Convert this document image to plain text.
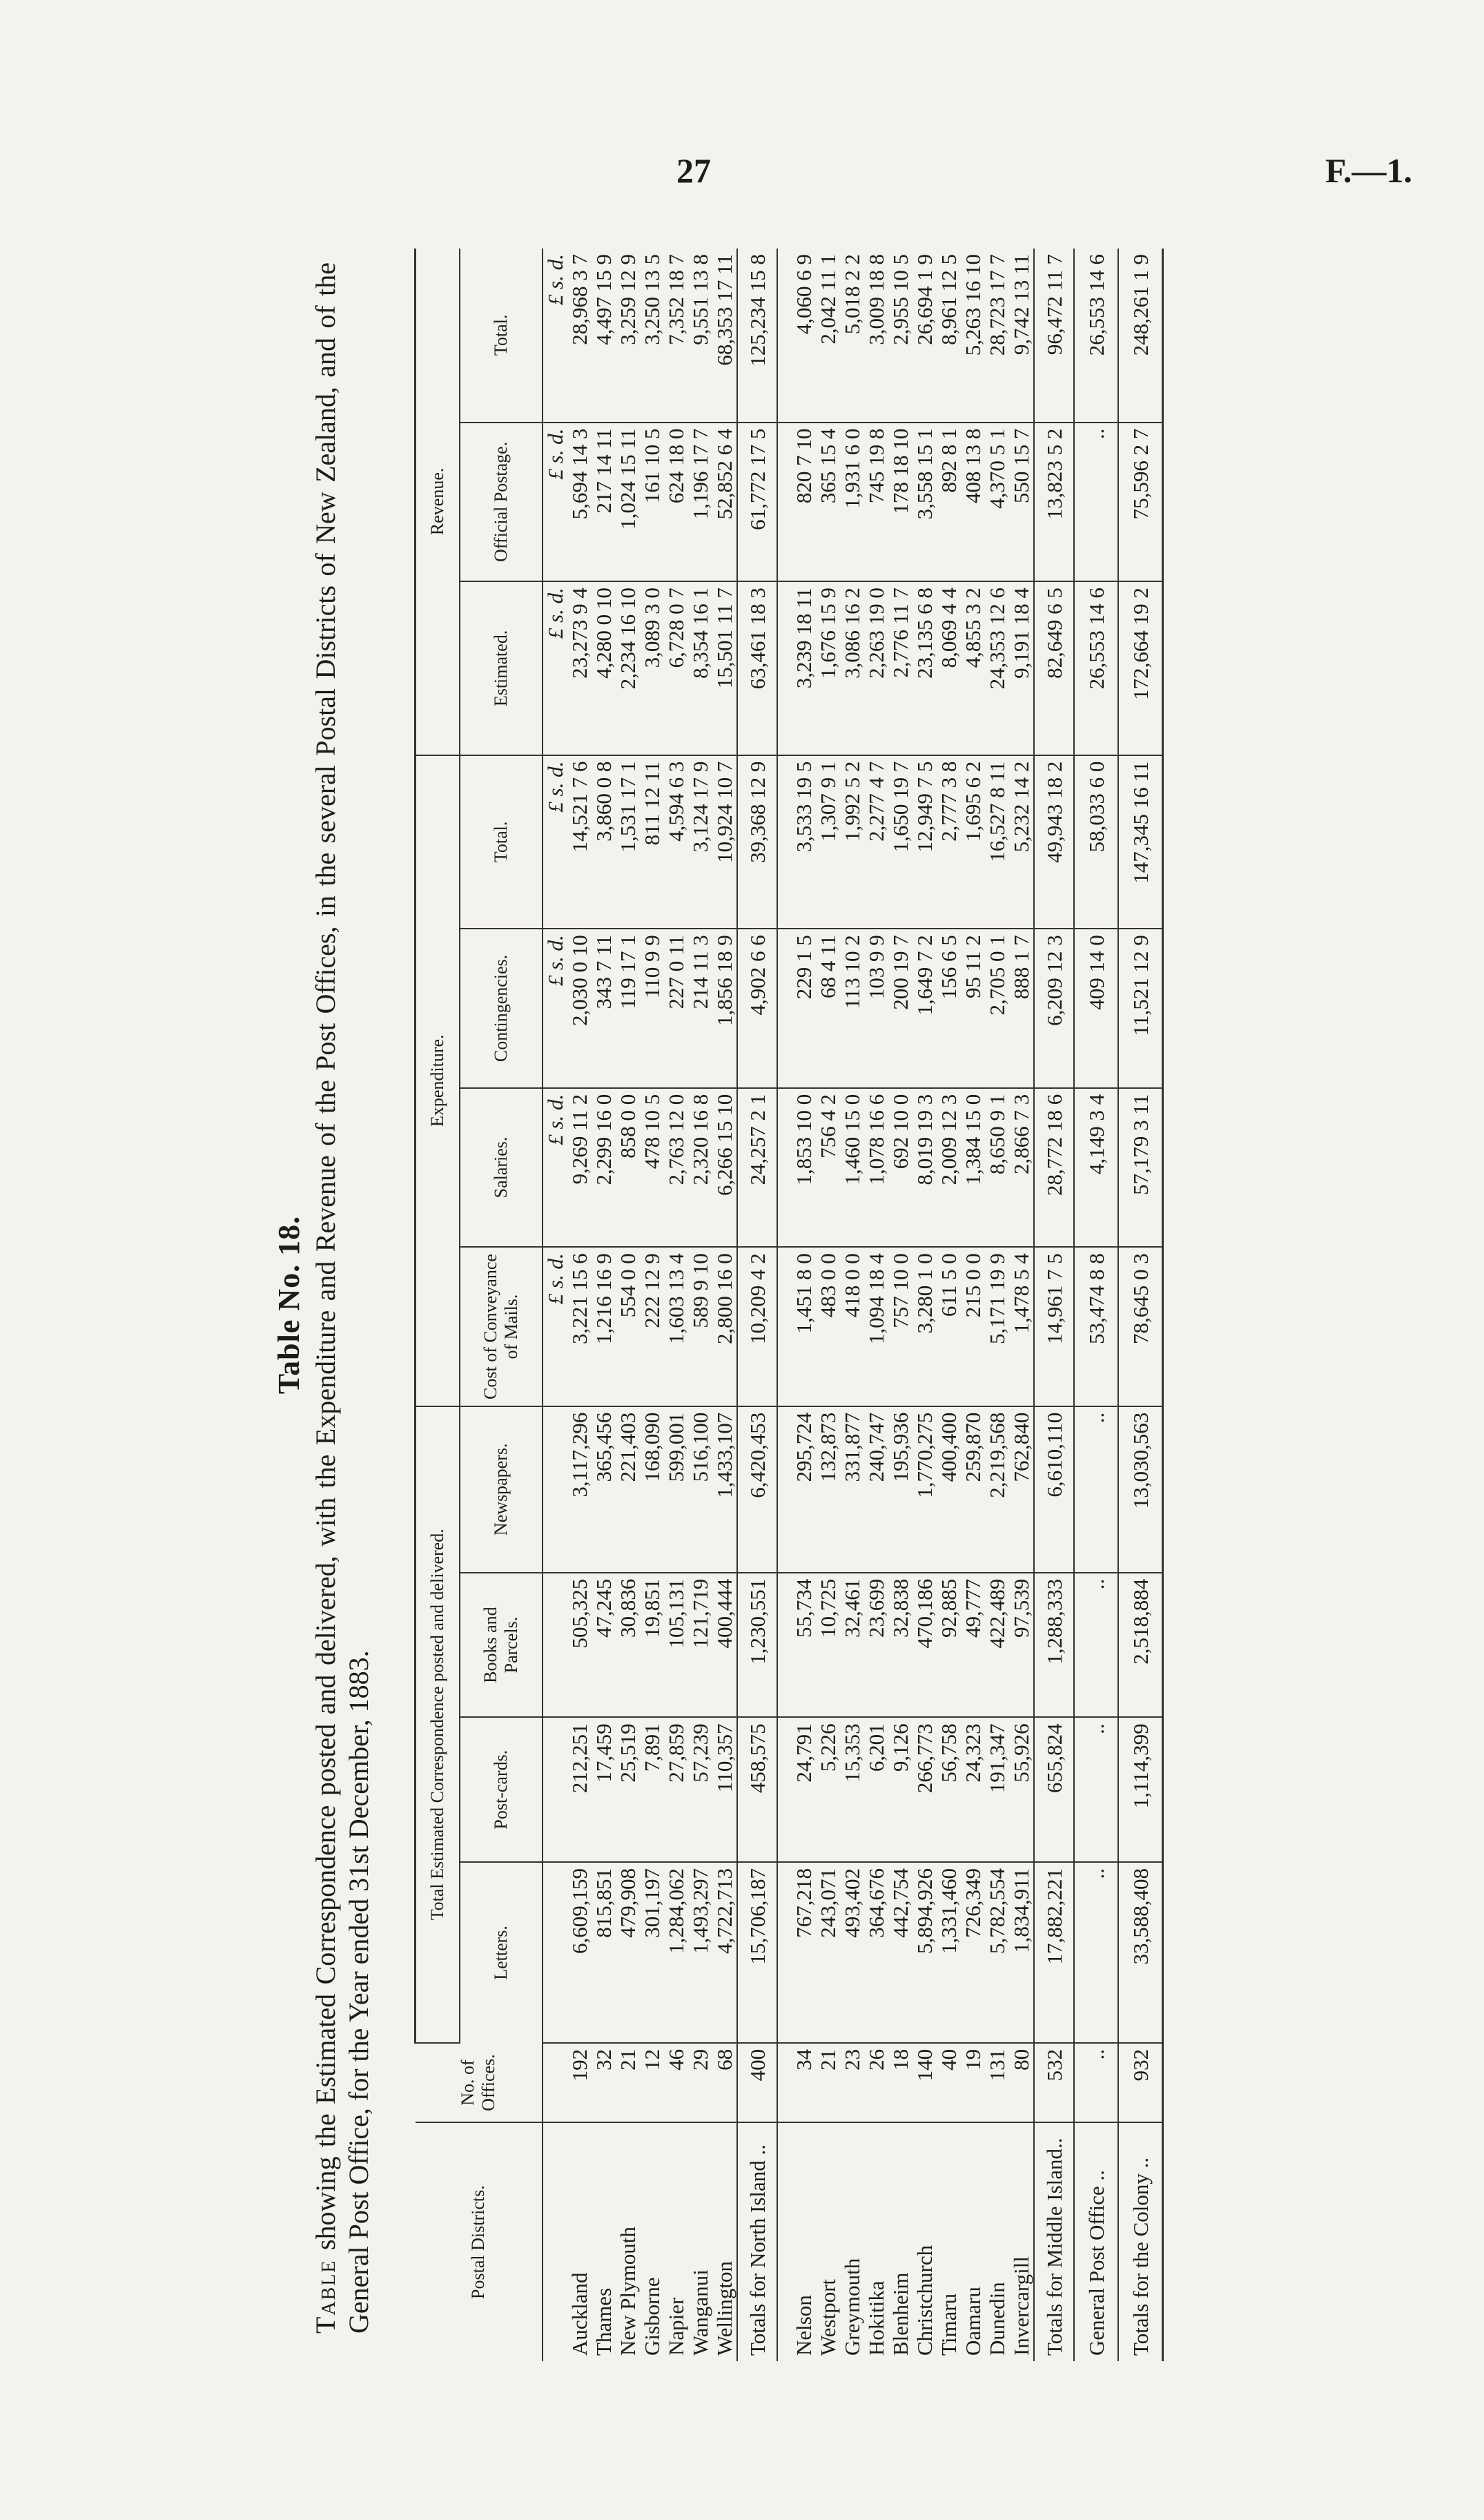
27	F.—1.
Table No. 18.
Table showing the Estimated Correspondence posted and delivered, with the Expenditure and Revenue of the Post Offices, in the several Postal Districts of New Zealand, and of the General Post Office, for the Year ended 31st December, 1883.	Postal Districts.	No. of Offices.	Total Estimated Correspondence posted and delivered.				Expenditure.				Revenue.		
		Letters.	Post-cards.	Books and Parcels.	Newspapers.	Cost of Conveyance of Mails.	Salaries.	Contingencies.	Total.	Estimated.	Official Postage.	Total.
						£ s. d.	£ s. d.	£ s. d.	£ s. d.	£ s. d.	£ s. d.	£ s. d.
Auckland	192	6,609,159	212,251	505,325	3,117,296	3,221 15 6	9,269 11 2	2,030 0 10	14,521 7 6	23,273 9 4	5,694 14 3	28,968 3 7
Thames	32	815,851	17,459	47,245	365,456	1,216 16 9	2,299 16 0	343 7 11	3,860 0 8	4,280 0 10	217 14 11	4,497 15 9
New Plymouth	21	479,908	25,519	30,836	221,403	554 0 0	858 0 0	119 17 1	1,531 17 1	2,234 16 10	1,024 15 11	3,259 12 9
Gisborne	12	301,197	7,891	19,851	168,090	222 12 9	478 10 5	110 9 9	811 12 11	3,089 3 0	161 10 5	3,250 13 5
Napier	46	1,284,062	27,859	105,131	599,001	1,603 13 4	2,763 12 0	227 0 11	4,594 6 3	6,728 0 7	624 18 0	7,352 18 7
Wanganui	29	1,493,297	57,239	121,719	516,100	589 9 10	2,320 16 8	214 11 3	3,124 17 9	8,354 16 1	1,196 17 7	9,551 13 8
Wellington	68	4,722,713	110,357	400,444	1,433,107	2,800 16 0	6,266 15 10	1,856 18 9	10,924 10 7	15,501 11 7	52,852 6 4	68,353 17 11
Totals for North Island ..	400	15,706,187	458,575	1,230,551	6,420,453	10,209 4 2	24,257 2 1	4,902 6 6	39,368 12 9	63,461 18 3	61,772 17 5	125,234 15 8

Nelson	34	767,218	24,791	55,734	295,724	1,451 8 0	1,853 10 0	229 1 5	3,533 19 5	3,239 18 11	820 7 10	4,060 6 9
Westport	21	243,071	5,226	10,725	132,873	483 0 0	756 4 2	68 4 11	1,307 9 1	1,676 15 9	365 15 4	2,042 11 1
Greymouth	23	493,402	15,353	32,461	331,877	418 0 0	1,460 15 0	113 10 2	1,992 5 2	3,086 16 2	1,931 6 0	5,018 2 2
Hokitika	26	364,676	6,201	23,699	240,747	1,094 18 4	1,078 16 6	103 9 9	2,277 4 7	2,263 19 0	745 19 8	3,009 18 8
Blenheim	18	442,754	9,126	32,838	195,936	757 10 0	692 10 0	200 19 7	1,650 19 7	2,776 11 7	178 18 10	2,955 10 5
Christchurch	140	5,894,926	266,773	470,186	1,770,275	3,280 1 0	8,019 19 3	1,649 7 2	12,949 7 5	23,135 6 8	3,558 15 1	26,694 1 9
Timaru	40	1,331,460	56,758	92,885	400,400	611 5 0	2,009 12 3	156 6 5	2,777 3 8	8,069 4 4	892 8 1	8,961 12 5
Oamaru	19	726,349	24,323	49,777	259,870	215 0 0	1,384 15 0	95 11 2	1,695 6 2	4,855 3 2	408 13 8	5,263 16 10
Dunedin	131	5,782,554	191,347	422,489	2,219,568	5,171 19 9	8,650 9 1	2,705 0 1	16,527 8 11	24,353 12 6	4,370 5 1	28,723 17 7
Invercargill	80	1,834,911	55,926	97,539	762,840	1,478 5 4	2,866 7 3	888 1 7	5,232 14 2	9,191 18 4	550 15 7	9,742 13 11
Totals for Middle Island..	532	17,882,221	655,824	1,288,333	6,610,110	14,961 7 5	28,772 18 6	6,209 12 3	49,943 18 2	82,649 6 5	13,823 5 2	96,472 11 7
General Post Office ..	..	..	..	..	..	53,474 8 8	4,149 3 4	409 14 0	58,033 6 0	26,553 14 6	..	26,553 14 6
Totals for the Colony ..	932	33,588,408	1,114,399	2,518,884	13,030,563	78,645 0 3	57,179 3 11	11,521 12 9	147,345 16 11	172,664 19 2	75,596 2 7	248,261 1 9
